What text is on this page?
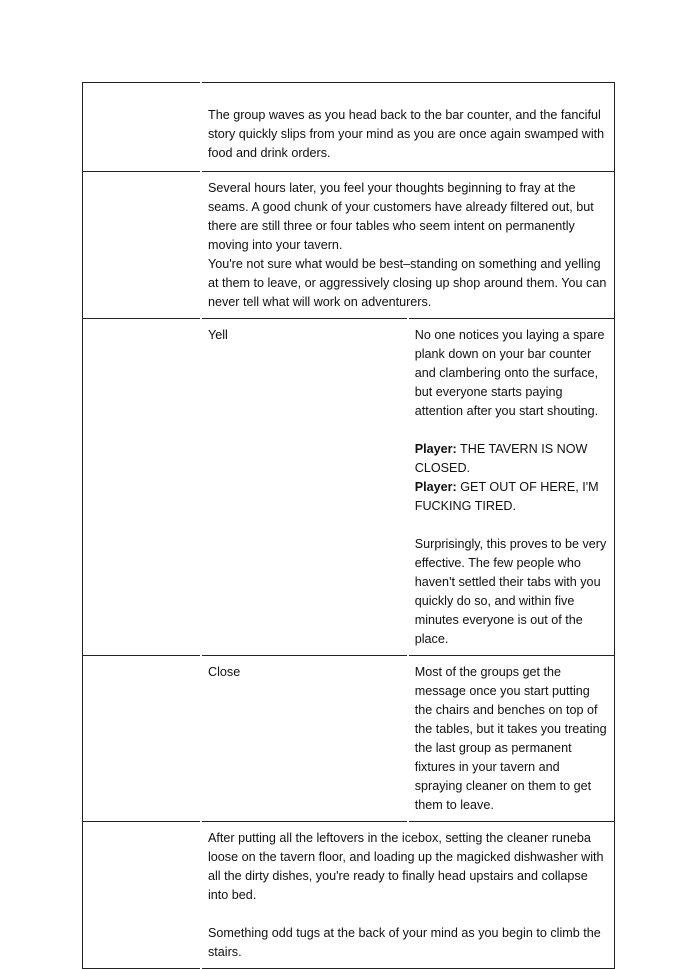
	The group waves as you head back to the bar counter, and the fanciful story quickly slips from your mind as you are once again swamped with food and drink orders.	

	Several hours later, you feel your thoughts beginning to fray at the seams. A good chunk of your customers have already filtered out, but there are still three or four tables who seem intent on permanently moving into your tavern.

You're not sure what would be best–standing on something and yelling at them to leave, or aggressively closing up shop around them. You can never tell what will work on adventurers.	

	Yell	No one notices you laying a spare plank down on your bar counter and clambering onto the surface, but everyone starts paying attention after you start shouting.

Player: THE TAVERN IS NOW CLOSED.

Player: GET OUT OF HERE, I'M FUCKING TIRED.

Surprisingly, this proves to be very effective. The few people who haven't settled their tabs with you quickly do so, and within five minutes everyone is out of the place.

	Close	Most of the groups get the message once you start putting the chairs and benches on top of the tables, but it takes you treating the last group as permanent fixtures in your tavern and spraying cleaner on them to get them to leave.

	After putting all the leftovers in the icebox, setting the cleaner runeba loose on the tavern floor, and loading up the magicked dishwasher with all the dirty dishes, you're ready to finally head upstairs and collapse into bed.

Something odd tugs at the back of your mind as you begin to climb the stairs.	
